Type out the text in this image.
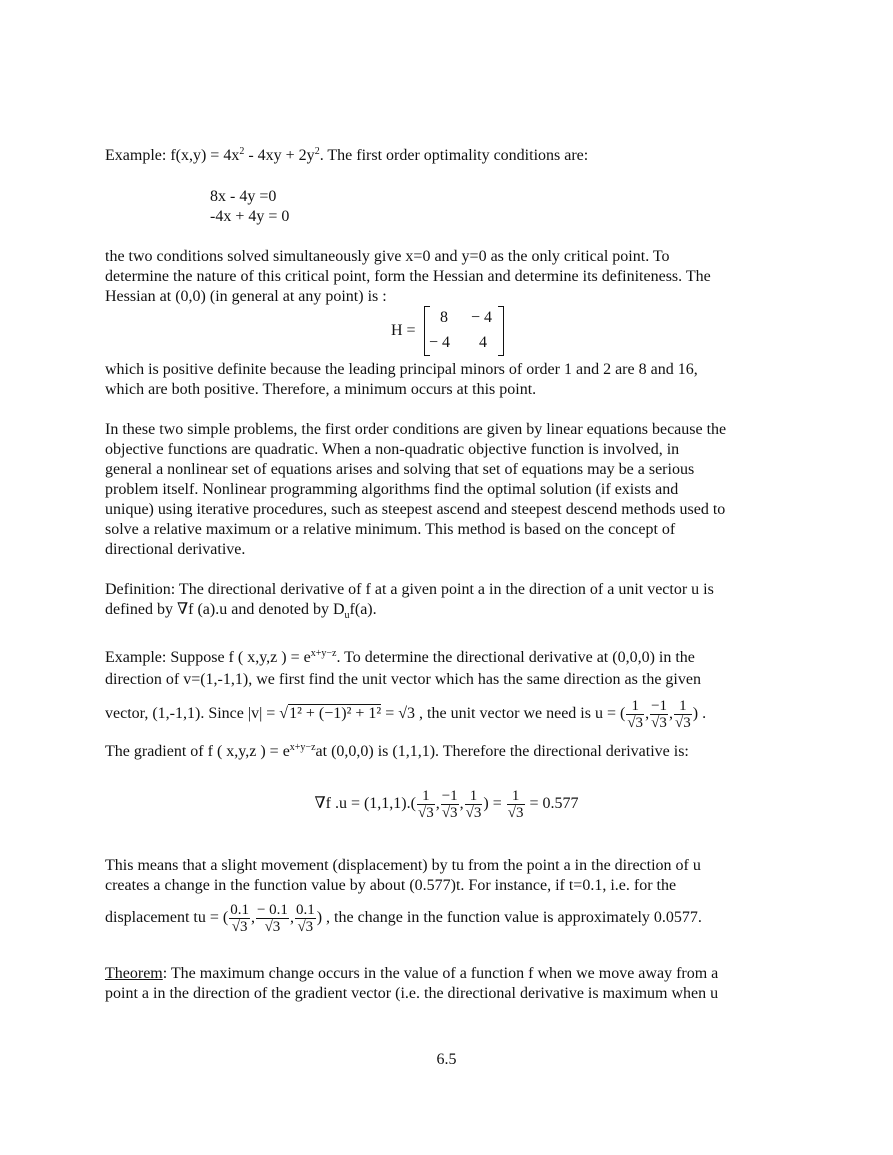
Example: $f(x,y) = 4x^2 - 4xy + 2y^2$. The first order optimality conditions are:
8x - 4y =0
-4x + 4y = 0
the two conditions solved simultaneously give x=0 and y=0 as the only critical point. To
determine the nature of this critical point, form the Hessian and determine its definiteness. The
Hessian at (0,0) (in general at any point) is :
H =
8 − 4
− 4 4
which is positive definite because the leading principal minors of order 1 and 2 are 8 and 16,
which are both positive. Therefore, a minimum occurs at this point.
In these two simple problems, the first order conditions are given by linear equations because the
objective functions are quadratic. When a non-quadratic objective function is involved, in
general a nonlinear set of equations arises and solving that set of equations may be a serious
problem itself. Nonlinear programming algorithms find the optimal solution (if exists and
unique) using iterative procedures, such as steepest ascend and steepest descend methods used to
solve a relative maximum or a relative minimum. This method is based on the concept of
directional derivative.
Definition: The directional derivative of f at a given point a in the direction of a unit vector u is
defined by ∇f (a).u and denoted by $D_uf(a)$.
Example: Suppose f ( x,y,z ) = $e^{x+y-z}$. To determine the directional derivative at (0,0,0) in the
direction of v=(1,-1,1), we first find the unit vector which has the same direction as the given
vector, (1,-1,1). Since |v| = √1² + (−1)² + 1² = √3 , the unit vector we need is u = ( $\frac{1}{√3}$ , $\frac{-1}{√3}$ , $\frac{1}{√3}$ ) .
The gradient of f ( x,y,z ) = $e^{x+y-z}at$ (0,0,0) is (1,1,1). Therefore the directional derivative is:
∇f $.u = (1,1,1).( \frac{1}{√3}$ , $\frac{-1}{√3}$ , $\frac{1}{√3}$ ) = $\frac{1}{√3} = 0.577$
This means that a slight movement (displacement) by tu from the point a in the direction of u
creates a change in the function value by about (0.577)t. For instance, if t=0.1, i.e. for the
displacement tu = ( $\frac{0.1}{√3}$ , $\frac{- 0.1}{√3}$ , $\frac{0.1}{√3}$ ) , the change in the function value is approximately 0.0577.
Theorem: The maximum change occurs in the value of a function f when we move away from a
point a in the direction of the gradient vector (i.e. the directional derivative is maximum when u
6.5
